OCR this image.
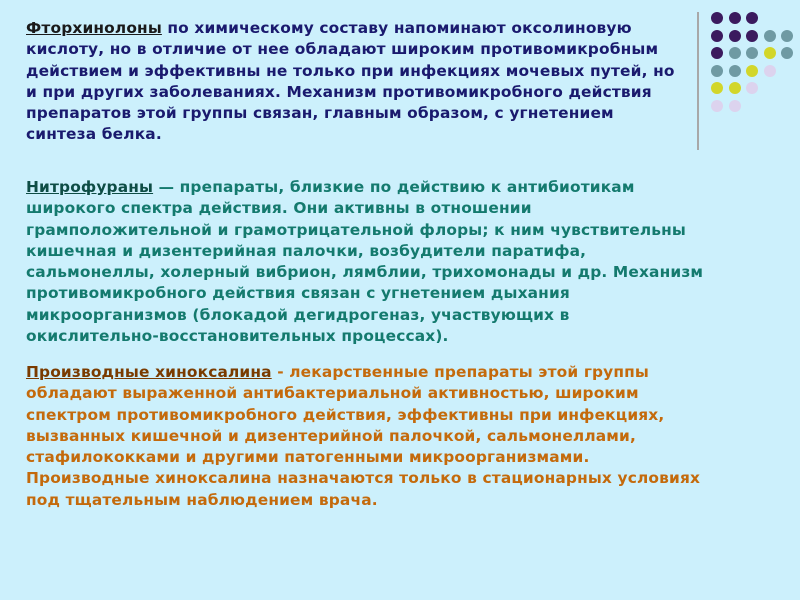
Фторхинолоны по химическому составу напоминают оксолиновую кислоту, но в отличие от нее обладают широким противомикробным действием и эффективны не только при инфекциях мочевых путей, но и при других заболеваниях. Механизм противомикробного действия препаратов этой группы связан, главным образом, с угнетением синтеза белка.

Нитрофураны — препараты, близкие по действию к антибиотикам широкого спектра действия. Они активны в отношении грамположительной и грамотрицательной флоры; к ним чувствительны кишечная и дизентерийная палочки, возбудители паратифа, сальмонеллы, холерный вибрион, лямблии, трихомонады и др. Механизм противомикробного действия связан с угнетением дыхания микроорганизмов (блокадой дегидрогеназ, участвующих в окислительно-восстановительных процессах).

Производные хиноксалина - лекарственные препараты этой группы обладают выраженной антибактериальной активностью, широким спектром противомикробного действия, эффективны при инфекциях, вызванных кишечной и дизентерийной палочкой, сальмонеллами, стафилококками и другими патогенными микроорганизмами. Производные хиноксалина назначаются только в стационарных условиях под тщательным наблюдением врача.
